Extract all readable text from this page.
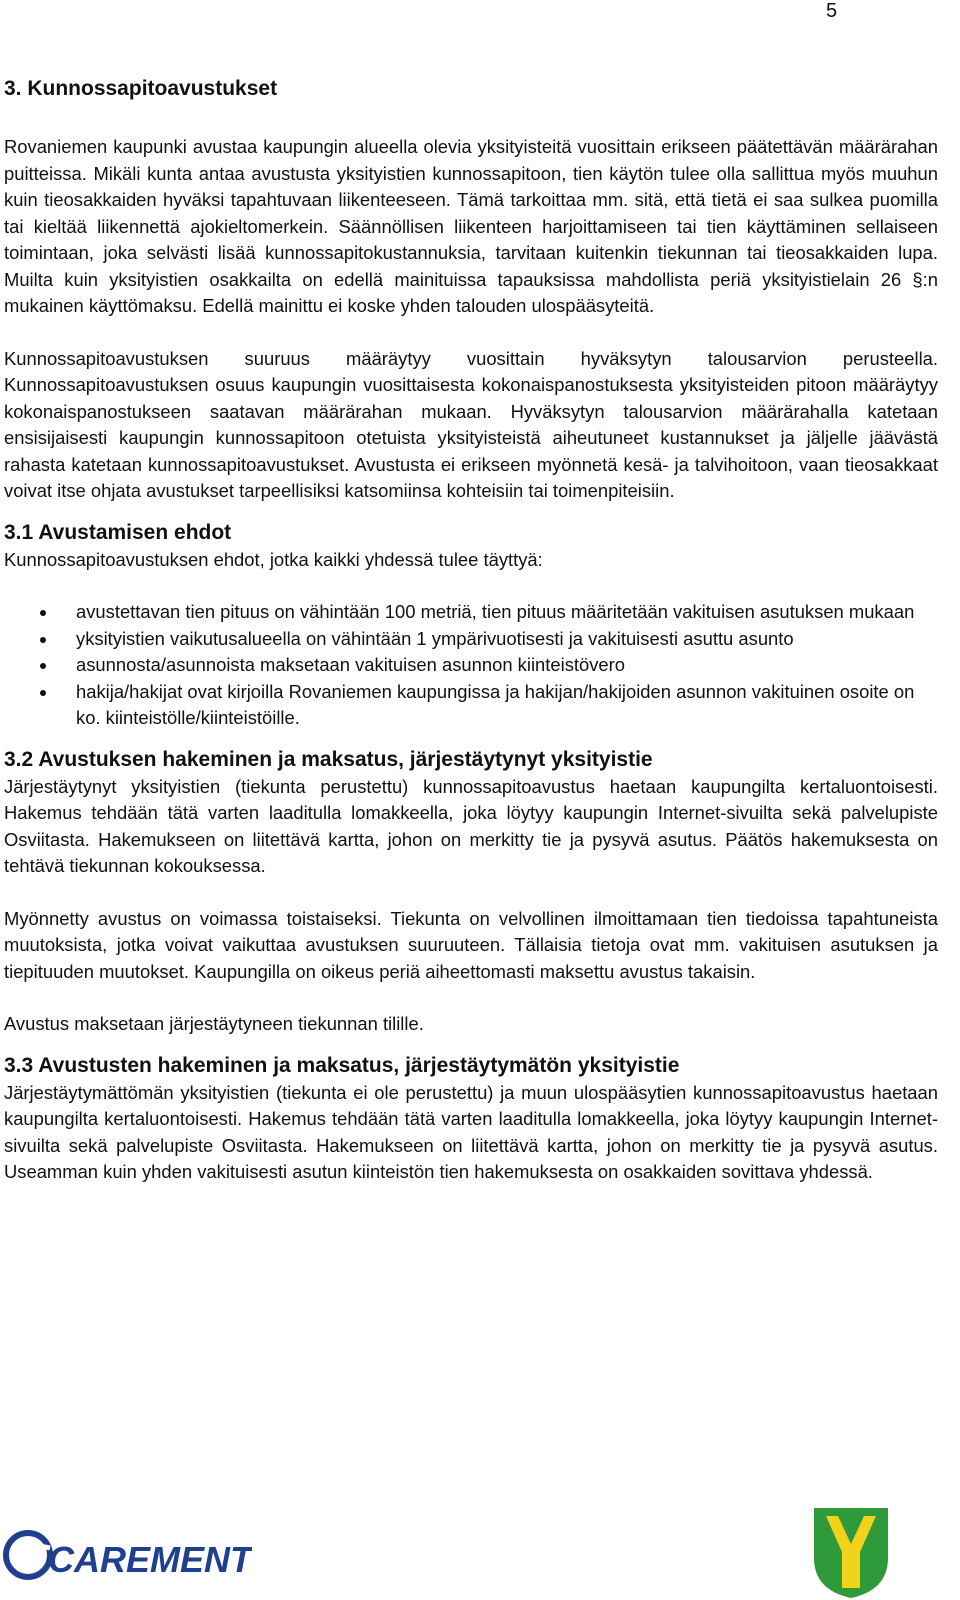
5
3. Kunnossapitoavustukset

Rovaniemen kaupunki avustaa kaupungin alueella olevia yksityisteitä vuosittain erikseen päätettävän määrärahan puitteissa. Mikäli kunta antaa avustusta yksityistien kunnossapitoon, tien käytön tulee olla sallittua myös muuhun kuin tieosakkaiden hyväksi tapahtuvaan liikenteeseen. Tämä tarkoittaa mm. sitä, että tietä ei saa sulkea puomilla tai kieltää liikennettä ajokieltomerkein. Säännöllisen liikenteen harjoittamiseen tai tien käyttäminen sellaiseen toimintaan, joka selvästi lisää kunnossapitokustannuksia, tarvitaan kuitenkin tiekunnan tai tieosakkaiden lupa. Muilta kuin yksityistien osakkailta on edellä mainituissa tapauksissa mahdollista periä yksityistielain 26 §:n mukainen käyttömaksu. Edellä mainittu ei koske yhden talouden ulospääsyteitä.

Kunnossapitoavustuksen suuruus määräytyy vuosittain hyväksytyn talousarvion perusteella. Kunnossapitoavustuksen osuus kaupungin vuosittaisesta kokonaispanostuksesta yksityisteiden pitoon määräytyy kokonaispanostukseen saatavan määrärahan mukaan. Hyväksytyn talousarvion määrärahalla katetaan ensisijaisesti kaupungin kunnossapitoon otetuista yksityisteistä aiheutuneet kustannukset ja jäljelle jäävästä rahasta katetaan kunnossapitoavustukset. Avustusta ei erikseen myönnetä kesä- ja talvihoitoon, vaan tieosakkaat voivat itse ohjata avustukset tarpeellisiksi katsomiinsa kohteisiin tai toimenpiteisiin.

3.1 Avustamisen ehdot

Kunnossapitoavustuksen ehdot, jotka kaikki yhdessä tulee täyttyä:

avustettavan tien pituus on vähintään 100 metriä, tien pituus määritetään vakituisen asutuksen mukaan
yksityistien vaikutusalueella on vähintään 1 ympärivuotisesti ja vakituisesti asuttu asunto
asunnosta/asunnoista maksetaan vakituisen asunnon kiinteistövero
hakija/hakijat ovat kirjoilla Rovaniemen kaupungissa ja hakijan/hakijoiden asunnon vakituinen osoite on ko. kiinteistölle/kiinteistöille.
3.2 Avustuksen hakeminen ja maksatus, järjestäytynyt yksityistie

Järjestäytynyt yksityistien (tiekunta perustettu) kunnossapitoavustus haetaan kaupungilta kertaluontoisesti. Hakemus tehdään tätä varten laaditulla lomakkeella, joka löytyy kaupungin Internet-sivuilta sekä palvelupiste Osviitasta. Hakemukseen on liitettävä kartta, johon on merkitty tie ja pysyvä asutus. Päätös hakemuksesta on tehtävä tiekunnan kokouksessa.

Myönnetty avustus on voimassa toistaiseksi. Tiekunta on velvollinen ilmoittamaan tien tiedoissa tapahtuneista muutoksista, jotka voivat vaikuttaa avustuksen suuruuteen. Tällaisia tietoja ovat mm. vakituisen asutuksen ja tiepituuden muutokset. Kaupungilla on oikeus periä aiheettomasti maksettu avustus takaisin.

Avustus maksetaan järjestäytyneen tiekunnan tilille.

3.3 Avustusten hakeminen ja maksatus, järjestäytymätön yksityistie

Järjestäytymättömän yksityistien (tiekunta ei ole perustettu) ja muun ulospääsytien kunnossapitoavustus haetaan kaupungilta kertaluontoisesti. Hakemus tehdään tätä varten laaditulla lomakkeella, joka löytyy kaupungin Internet-sivuilta sekä palvelupiste Osviitasta. Hakemukseen on liitettävä kartta, johon on merkitty tie ja pysyvä asutus. Useamman kuin yhden vakituisesti asutun kiinteistön tien hakemuksesta on osakkaiden sovittava yhdessä.

CAREMENT
